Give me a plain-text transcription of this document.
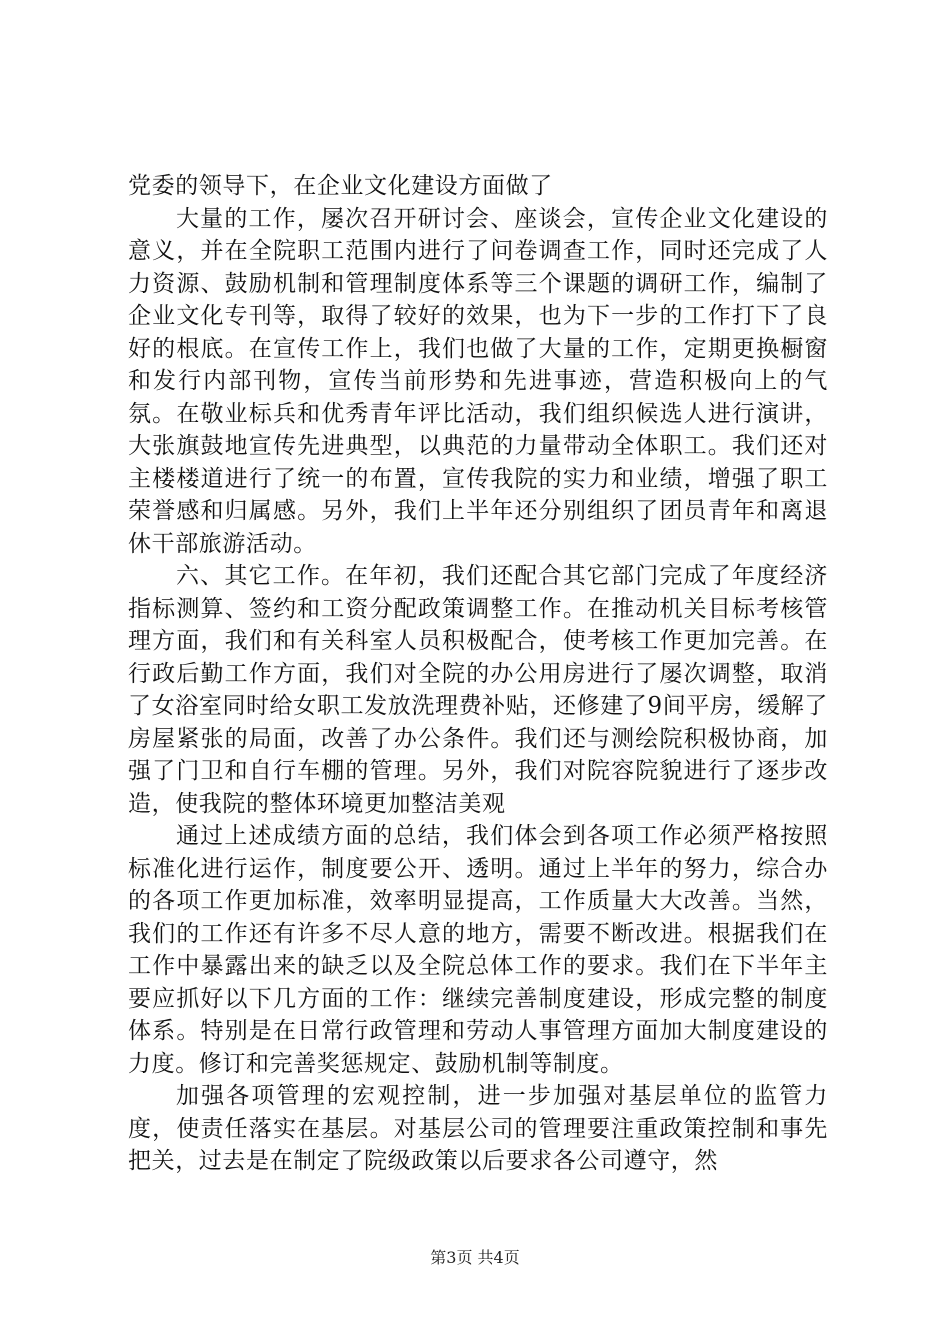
党委的领导下，在企业文化建设方面做了

大量的工作，屡次召开研讨会、座谈会，宣传企业文化建设的意义，并在全院职工范围内进行了问卷调查工作，同时还完成了人力资源、鼓励机制和管理制度体系等三个课题的调研工作，编制了企业文化专刊等，取得了较好的效果，也为下一步的工作打下了良好的根底。在宣传工作上，我们也做了大量的工作，定期更换橱窗和发行内部刊物，宣传当前形势和先进事迹，营造积极向上的气氛。在敬业标兵和优秀青年评比活动，我们组织候选人进行演讲，大张旗鼓地宣传先进典型，以典范的力量带动全体职工。我们还对主楼楼道进行了统一的布置，宣传我院的实力和业绩，增强了职工荣誉感和归属感。另外，我们上半年还分别组织了团员青年和离退休干部旅游活动。

六、其它工作。在年初，我们还配合其它部门完成了年度经济指标测算、签约和工资分配政策调整工作。在推动机关目标考核管理方面，我们和有关科室人员积极配合，使考核工作更加完善。在行政后勤工作方面，我们对全院的办公用房进行了屡次调整，取消了女浴室同时给女职工发放洗理费补贴，还修建了9间平房，缓解了房屋紧张的局面，改善了办公条件。我们还与测绘院积极协商，加强了门卫和自行车棚的管理。另外，我们对院容院貌进行了逐步改造，使我院的整体环境更加整洁美观

通过上述成绩方面的总结，我们体会到各项工作必须严格按照标准化进行运作，制度要公开、透明。通过上半年的努力，综合办的各项工作更加标准，效率明显提高，工作质量大大改善。当然，我们的工作还有许多不尽人意的地方，需要不断改进。根据我们在工作中暴露出来的缺乏以及全院总体工作的要求。我们在下半年主要应抓好以下几方面的工作：继续完善制度建设，形成完整的制度体系。特别是在日常行政管理和劳动人事管理方面加大制度建设的力度。修订和完善奖惩规定、鼓励机制等制度。

加强各项管理的宏观控制，进一步加强对基层单位的监管力度，使责任落实在基层。对基层公司的管理要注重政策控制和事先把关，过去是在制定了院级政策以后要求各公司遵守，然

第3页 共4页
